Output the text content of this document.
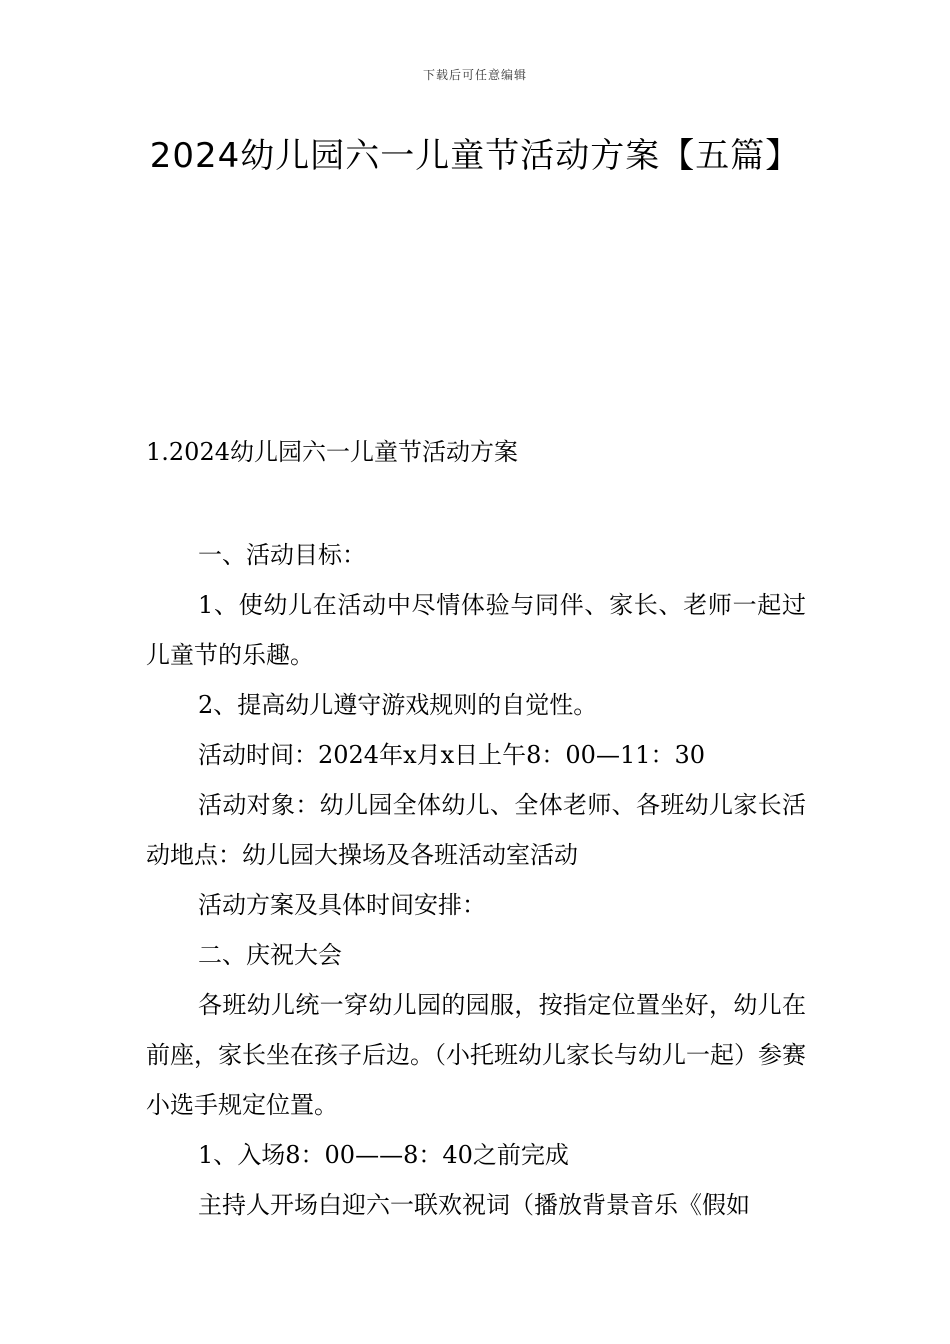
下载后可任意编辑
2024幼儿园六一儿童节活动方案【五篇】
1.2024幼儿园六一儿童节活动方案

一、活动目标：

1、使幼儿在活动中尽情体验与同伴、家长、老师一起过儿童节的乐趣。

2、提高幼儿遵守游戏规则的自觉性。

活动时间：2024年x月x日上午8：00—11：30

活动对象：幼儿园全体幼儿、全体老师、各班幼儿家长活动地点：幼儿园大操场及各班活动室活动

活动方案及具体时间安排：

二、庆祝大会

各班幼儿统一穿幼儿园的园服，按指定位置坐好，幼儿在前座，家长坐在孩子后边。（小托班幼儿家长与幼儿一起）参赛小选手规定位置。

1、入场8：00——8：40之前完成

主持人开场白迎六一联欢祝词（播放背景音乐《假如
